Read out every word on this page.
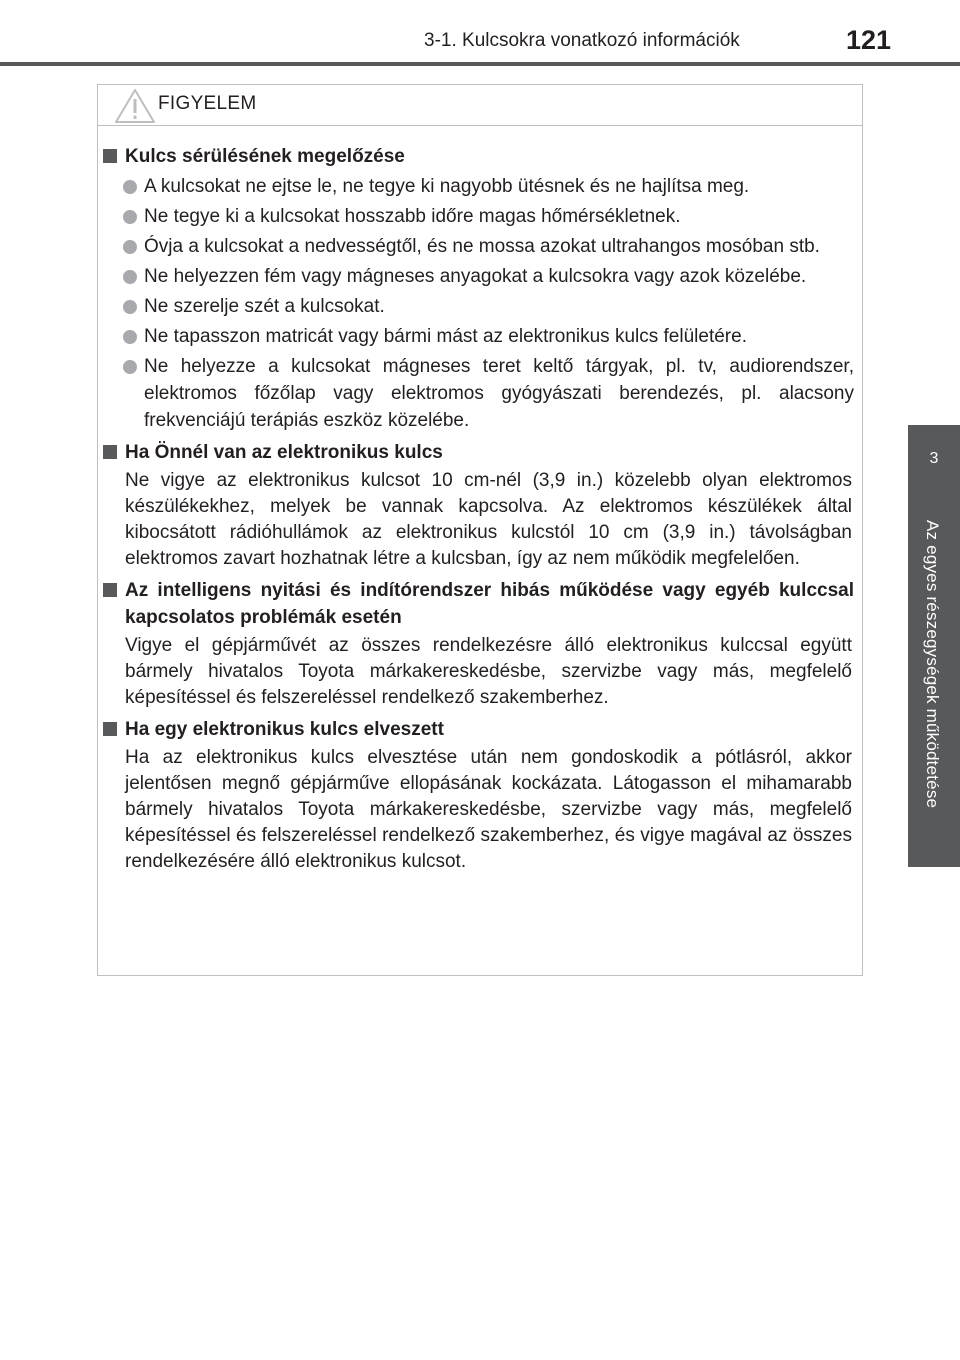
3-1. Kulcsokra vonatkozó információk	121
3
Az egyes részegységek működtetése
FIGYELEM
Kulcs sérülésének megelőzése
A kulcsokat ne ejtse le, ne tegye ki nagyobb ütésnek és ne hajlítsa meg.
Ne tegye ki a kulcsokat hosszabb időre magas hőmérsékletnek.
Óvja a kulcsokat a nedvességtől, és ne mossa azokat ultrahangos mosóban stb.
Ne helyezzen fém vagy mágneses anyagokat a kulcsokra vagy azok közelébe.
Ne szerelje szét a kulcsokat.
Ne tapasszon matricát vagy bármi mást az elektronikus kulcs felületére.
Ne helyezze a kulcsokat mágneses teret keltő tárgyak, pl. tv, audiorendszer, elektromos főzőlap vagy elektromos gyógyászati berendezés, pl. alacsony frekvenciájú terápiás eszköz közelébe.
Ha Önnél van az elektronikus kulcs
Ne vigye az elektronikus kulcsot 10 cm-nél (3,9 in.) közelebb olyan elektromos készülékekhez, melyek be vannak kapcsolva. Az elektromos készülékek által kibocsátott rádióhullámok az elektronikus kulcstól 10 cm (3,9 in.) távolságban elektromos zavart hozhatnak létre a kulcsban, így az nem működik megfelelően.
Az intelligens nyitási és indítórendszer hibás működése vagy egyéb kulccsal kapcsolatos problémák esetén
Vigye el gépjárművét az összes rendelkezésre álló elektronikus kulccsal együtt bármely hivatalos Toyota márkakereskedésbe, szervizbe vagy más, megfelelő képesítéssel és felszereléssel rendelkező szakemberhez.
Ha egy elektronikus kulcs elveszett
Ha az elektronikus kulcs elvesztése után nem gondoskodik a pótlásról, akkor jelentősen megnő gépjárműve ellopásának kockázata. Látogasson el mihamarabb bármely hivatalos Toyota márkakereskedésbe, szervizbe vagy más, megfelelő képesítéssel és felszereléssel rendelkező szakemberhez, és vigye magával az összes rendelkezésére álló elektronikus kulcsot.
